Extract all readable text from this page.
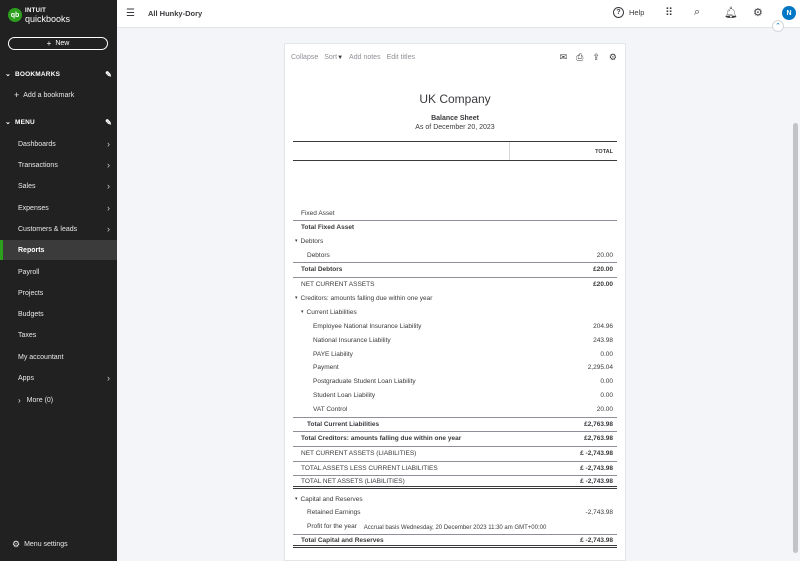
qb
INTUIT
quickbooks
+ New
⌄ BOOKMARKS	✎
+ Add a bookmark
⌄ MENU	✎
Dashboards	›
Transactions	›
Sales	›
Expenses	›
Customers & leads	›
Reports
Payroll
Projects
Budgets
Taxes
My accountant
Apps	›
› More (0)
⚙ Menu settings
☰ All Hunky-Dory	?	Help ⠿ ⌕ 🔔︎ ⚙	N
⌃
Collapse Sort▼ Add notes Edit titles	✉ ⎙ ⇪ ⚙
UK Company
Balance Sheet
As of December 20, 2023
TOTAL
Fixed Asset
Total Fixed Asset
▾ Debtors
Debtors	20.00
Total Debtors	£20.00
NET CURRENT ASSETS	£20.00
▾ Creditors: amounts falling due within one year
▾ Current Liabilities
Employee National Insurance Liability	204.96
National Insurance Liability	243.98
PAYE Liability	0.00
Payment	2,295.04
Postgraduate Student Loan Liability	0.00
Student Loan Liability	0.00
VAT Control	20.00
Total Current Liabilities	£2,763.98
Total Creditors: amounts falling due within one year	£2,763.98
NET CURRENT ASSETS (LIABILITIES)	£ -2,743.98
TOTAL ASSETS LESS CURRENT LIABILITIES	£ -2,743.98
TOTAL NET ASSETS (LIABILITIES)	£ -2,743.98
▾ Capital and Reserves
Retained Earnings	-2,743.98
Profit for the year
Total Capital and Reserves	£ -2,743.98
Accrual basis Wednesday, 20 December 2023 11:30 am GMT+00:00
